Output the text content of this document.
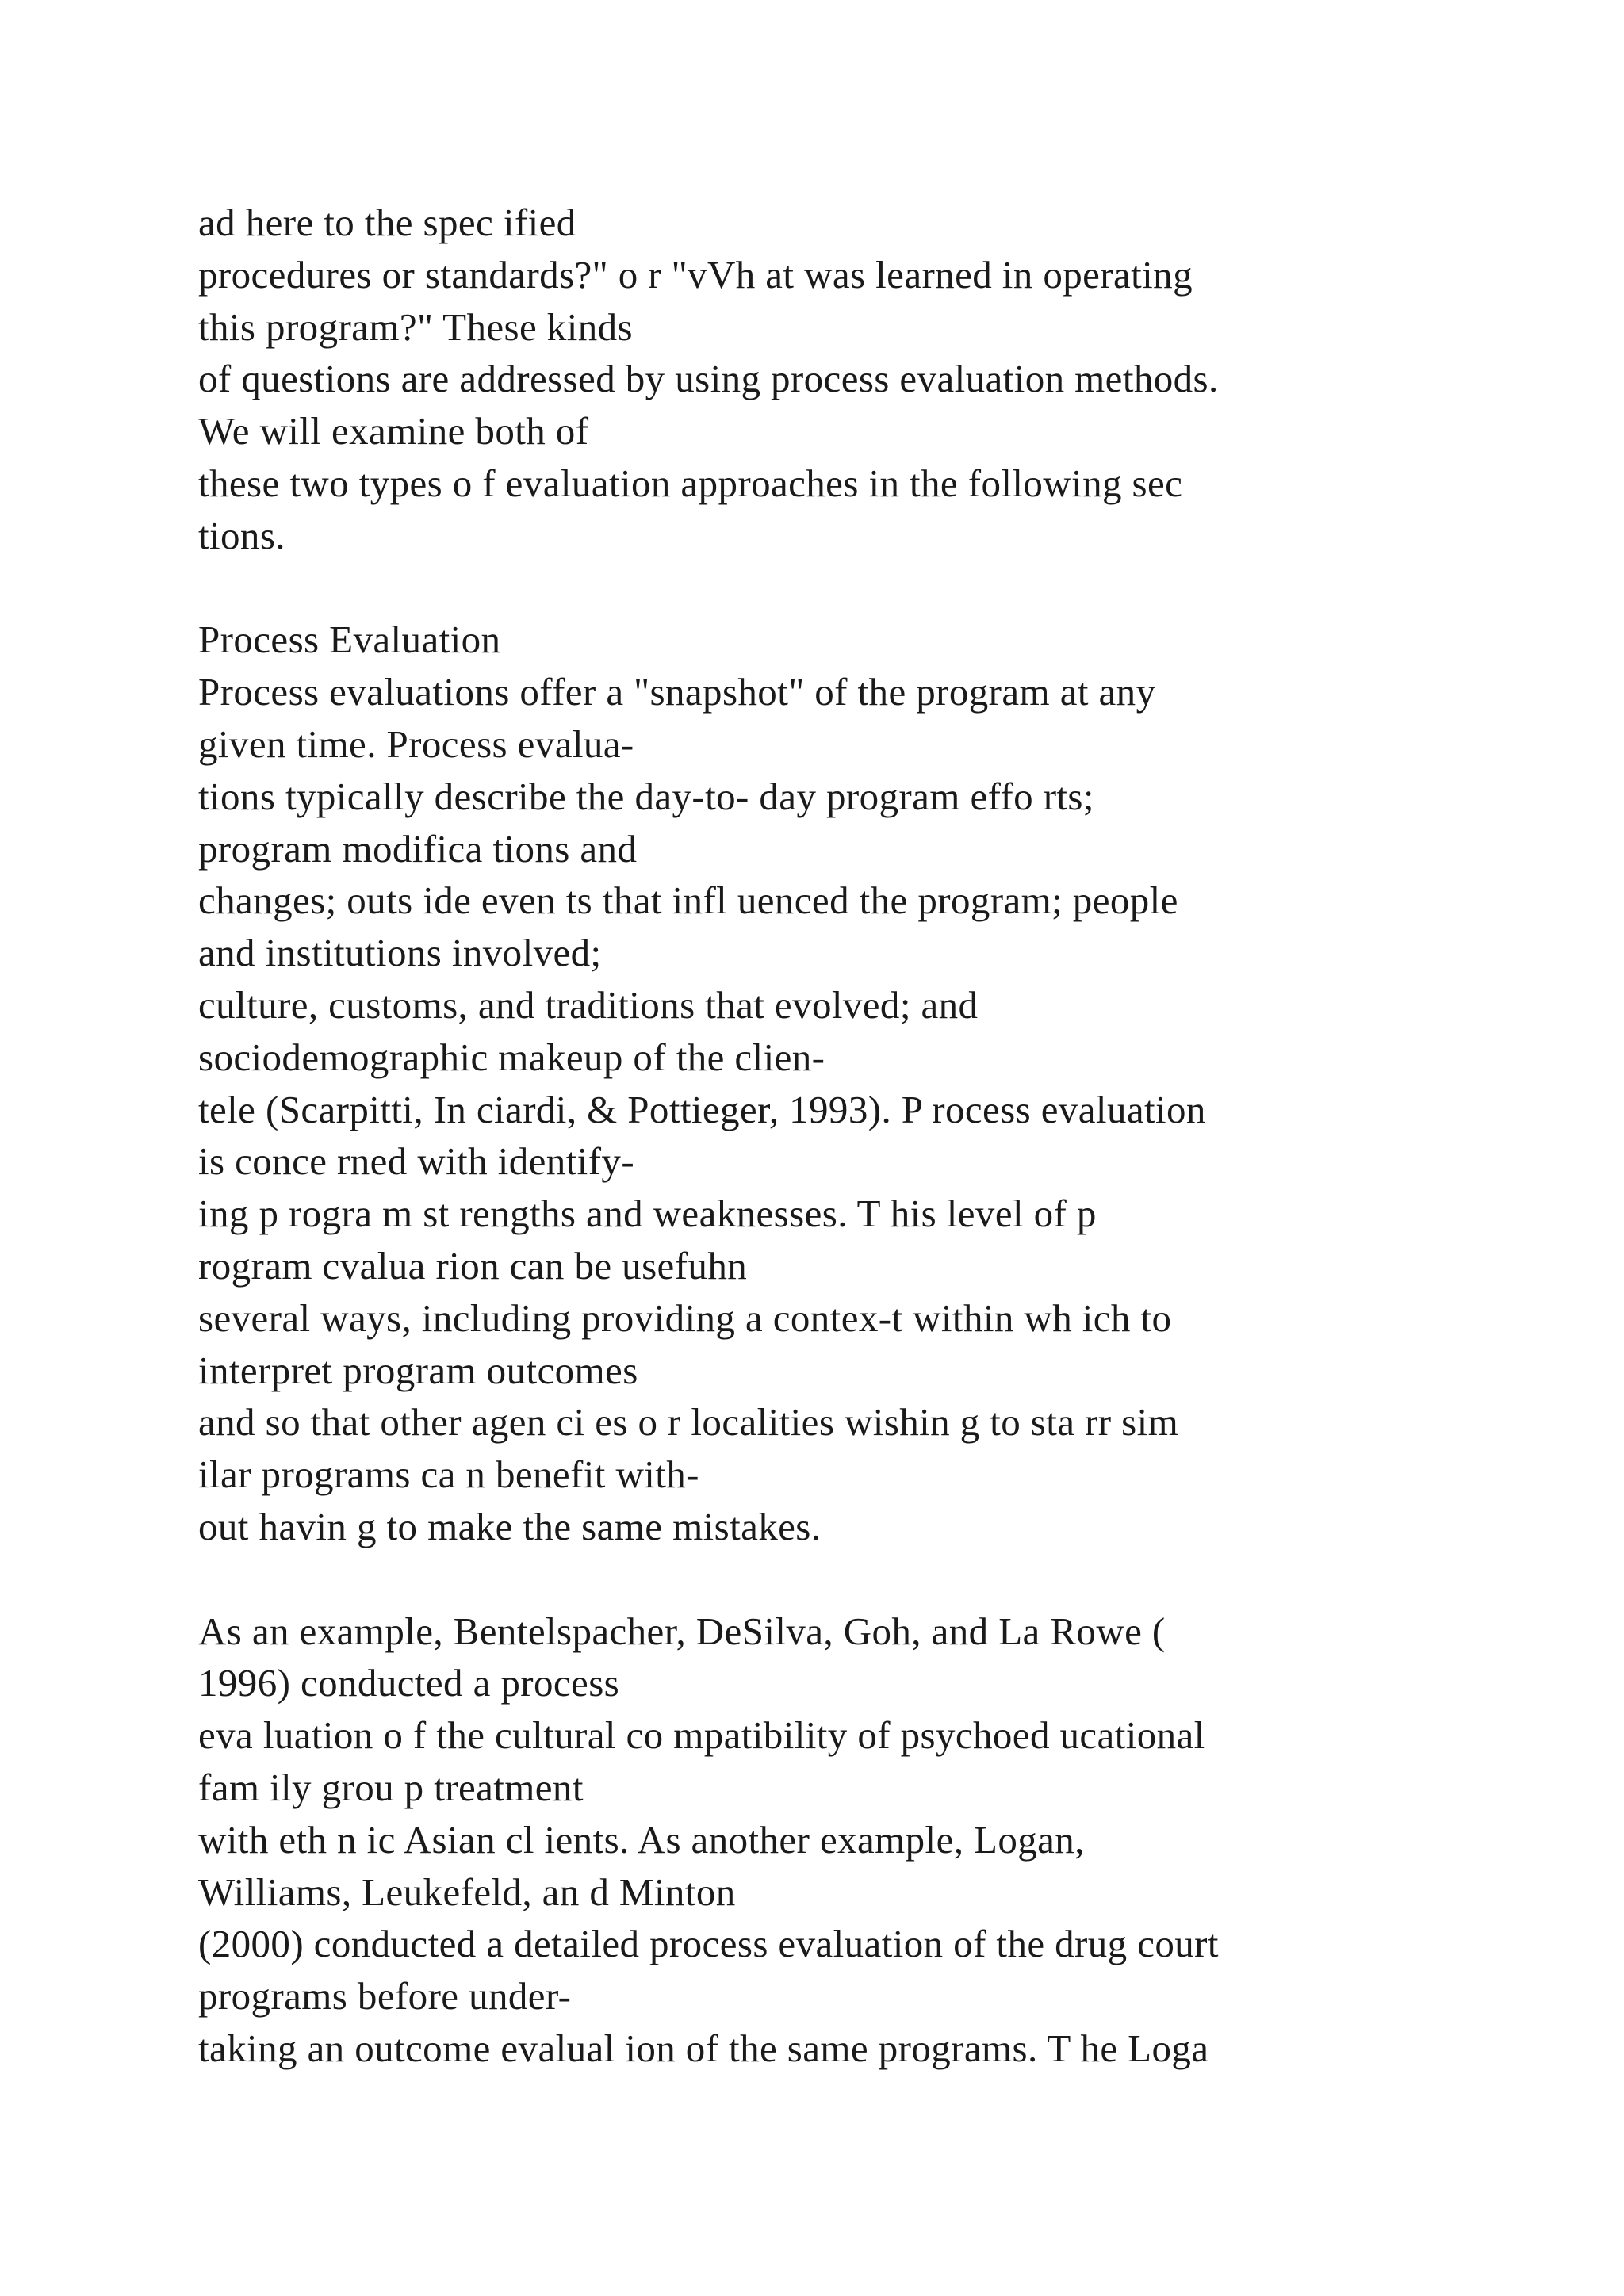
ad here to the spec ified
procedures or standards?" o r "vVh at was learned in operating
this program?" These kinds
of questions are addressed by using process evaluation methods.
We will examine both of
these two types o f evaluation approaches in the following sec
tions.
Process Evaluation
Process evaluations offer a "snapshot" of the program at any
given time. Process evalua-
tions typically describe the day-to- day program effo rts;
program modifica tions and
changes; outs ide even ts that infl uenced the program; people
and institutions involved;
culture, customs, and traditions that evolved; and
sociodemographic makeup of the clien-
tele (Scarpitti, In ciardi, & Pottieger, 1993). P rocess evaluation
is conce rned with identify-
ing p rogra m st rengths and weaknesses. T his level of p
rogram cvalua rion can be usefuhn
several ways, including providing a contex-t within wh ich to
interpret program outcomes
and so that other agen ci es o r localities wishin g to sta rr sim
ilar programs ca n benefit with-
out havin g to make the same mistakes.
As an example, Bentelspacher, DeSilva, Goh, and La Rowe (
1996) conducted a process
eva luation o f the cultural co mpatibility of psychoed ucational
fam ily grou p treatment
with eth n ic Asian cl ients. As another example, Logan,
Williams, Leukefeld, an d Minton
(2000) conducted a detailed process evaluation of the drug court
programs before under-
taking an outcome evalual ion of the same programs. T he Loga
